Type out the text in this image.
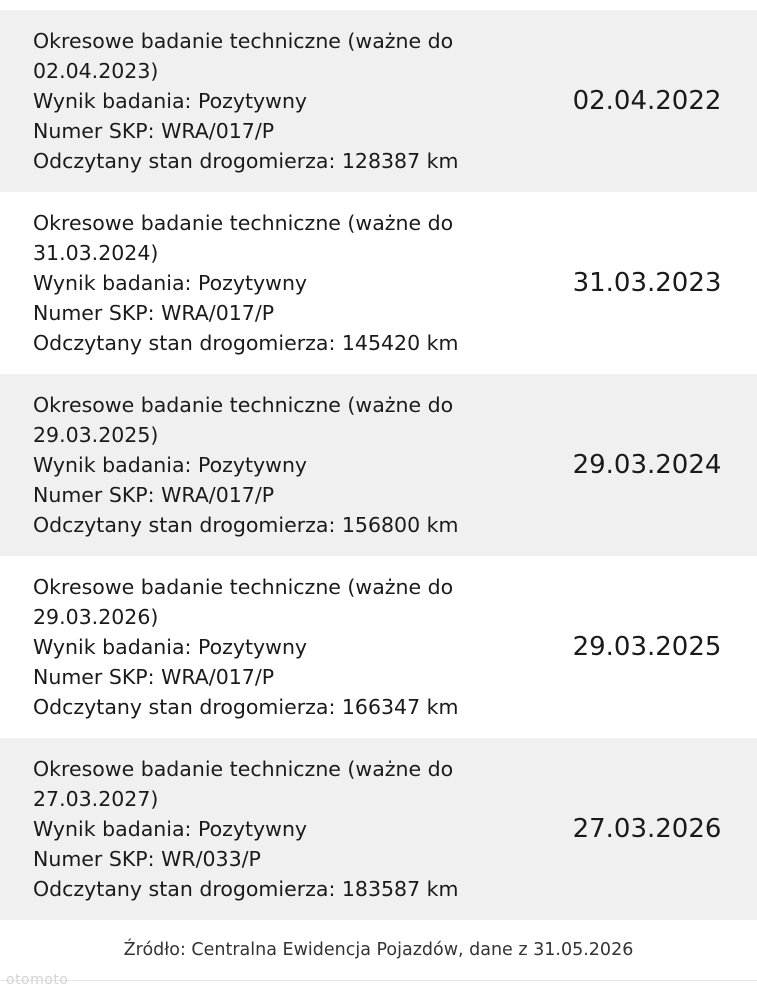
Okresowe badanie techniczne (ważne do
02.04.2023)
Wynik badania: Pozytywny
Numer SKP: WRA/017/P
Odczytany stan drogomierza: 128387 km
02.04.2022
Okresowe badanie techniczne (ważne do
31.03.2024)
Wynik badania: Pozytywny
Numer SKP: WRA/017/P
Odczytany stan drogomierza: 145420 km
31.03.2023
Okresowe badanie techniczne (ważne do
29.03.2025)
Wynik badania: Pozytywny
Numer SKP: WRA/017/P
Odczytany stan drogomierza: 156800 km
29.03.2024
Okresowe badanie techniczne (ważne do
29.03.2026)
Wynik badania: Pozytywny
Numer SKP: WRA/017/P
Odczytany stan drogomierza: 166347 km
29.03.2025
Okresowe badanie techniczne (ważne do
27.03.2027)
Wynik badania: Pozytywny
Numer SKP: WR/033/P
Odczytany stan drogomierza: 183587 km
27.03.2026
Źródło: Centralna Ewidencja Pojazdów, dane z 31.05.2026
otomoto
